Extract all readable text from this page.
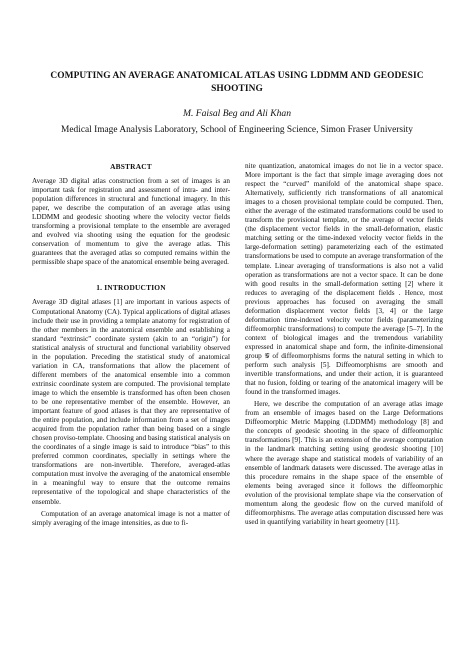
COMPUTING AN AVERAGE ANATOMICAL ATLAS USING LDDMM AND GEODESIC SHOOTING
M. Faisal Beg and Ali Khan
Medical Image Analysis Laboratory, School of Engineering Science, Simon Fraser University
ABSTRACT

Average 3D digital atlas construction from a set of images is an important task for registration and assessment of intra- and inter-population differences in structural and functional imagery. In this paper, we describe the computation of an average atlas using LDDMM and geodesic shooting where the velocity vector fields transforming a provisional template to the ensemble are averaged and evolved via shooting using the equation for the geodesic conservation of momentum to give the average atlas. This guarantees that the averaged atlas so computed remains within the permissible shape space of the anatomical ensemble being averaged.

1. INTRODUCTION

Average 3D digital atlases [1] are important in various aspects of Computational Anatomy (CA). Typical applications of digital atlases include their use in providing a template anatomy for registration of the other members in the anatomical ensemble and establishing a standard “extrinsic” coordinate system (akin to an “origin”) for statistical analysis of structural and functional variability observed in the population. Preceding the statistical study of anatomical variation in CA, transformations that allow the placement of different members of the anatomical ensemble into a common extrinsic coordinate system are computed. The provisional template image to which the ensemble is transformed has often been chosen to be one representative member of the ensemble. However, an important feature of good atlases is that they are representative of the entire population, and include information from a set of images acquired from the population rather than being based on a single chosen proviso-template. Choosing and basing statistical analysis on the coordinates of a single image is said to introduce “bias” to this preferred common coordinates, specially in settings where the transformations are non-invertible. Therefore, averaged-atlas computation must involve the averaging of the anatomical ensemble in a meaningful way to ensure that the outcome remains representative of the topological and shape characteristics of the ensemble.

Computation of an average anatomical image is not a matter of simply averaging of the image intensities, as due to fi-

nite quantization, anatomical images do not lie in a vector space. More important is the fact that simple image averaging does not respect the “curved” manifold of the anatomical shape space. Alternatively, sufficiently rich transformations of all anatomical images to a chosen provisional template could be computed. Then, either the average of the estimated transformations could be used to transform the provisional template, or the average of vector fields (the displacement vector fields in the small-deformation, elastic matching setting or the time-indexed velocity vector fields in the large-deformation setting) parameterizing each of the estimated transformations be used to compute an average transformation of the template. Linear averaging of transformations is also not a valid operation as transformations are not a vector space. It can be done with good results in the small-deformation setting [2] where it reduces to averaging of the displacement fields . Hence, most previous approaches has focused on averaging the small deformation displacement vector fields [3, 4] or the large deformation time-indexed velocity vector fields (parameterizing diffeomorphic transformations) to compute the average [5–7]. In the context of biological images and the tremendous variability expressed in anatomical shape and form, the infinite-dimensional group 𝒢 of diffeomorphisms forms the natural setting in which to perform such analysis [5]. Diffeomorphisms are smooth and invertible transformations, and under their action, it is guaranteed that no fusion, folding or tearing of the anatomical imagery will be found in the transformed images.

Here, we describe the computation of an average atlas image from an ensemble of images based on the Large Deformations Diffeomorphic Metric Mapping (LDDMM) methodology [8] and the concepts of geodesic shooting in the space of diffeomorphic transformations [9]. This is an extension of the average computation in the landmark matching setting using geodesic shooting [10] where the average shape and statistical models of variability of an ensemble of landmark datasets were discussed. The average atlas in this procedure remains in the shape space of the ensemble of elements being averaged since it follows the diffeomorphic evolution of the provisional template shape via the conservation of momentum along the geodesic flow on the curved manifold of diffeomorphisms. The average atlas computation discussed here was used in quantifying variability in heart geometry [11].
